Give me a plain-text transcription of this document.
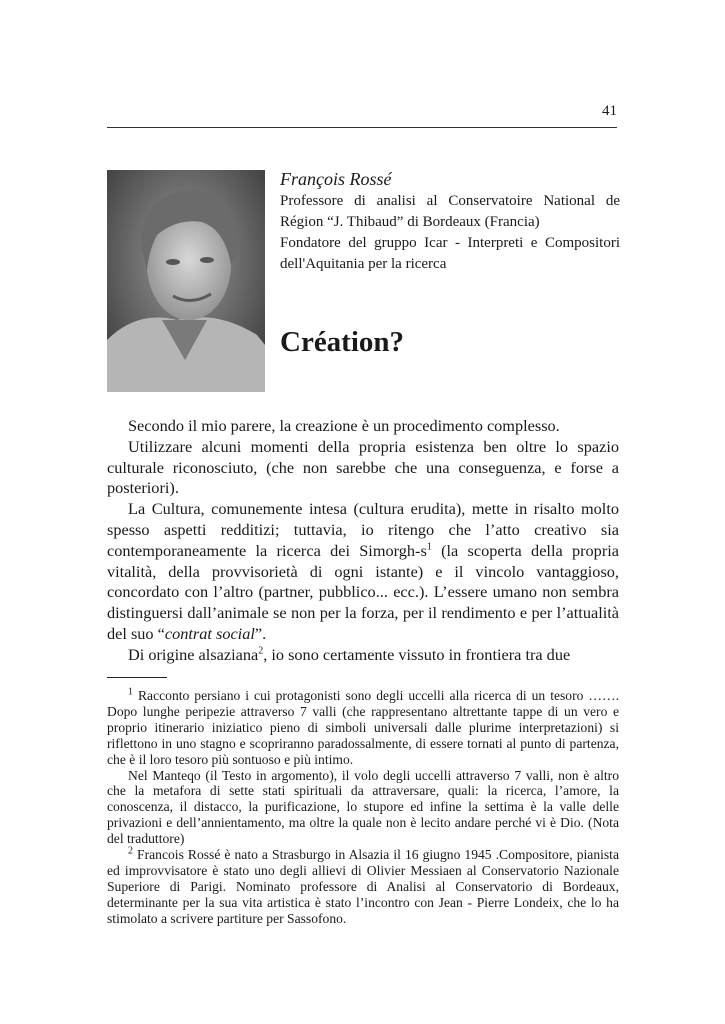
41

François Rossé

Professore di analisi al Conservatoire National de Région “J. Thibaud” di Bordeaux (Francia)

Fondatore del gruppo Icar - Interpreti e Compositori dell'Aquitania per la ricerca

Création?

Secondo il mio parere, la creazione è un procedimento complesso.

Utilizzare alcuni momenti della propria esistenza ben oltre lo spazio culturale riconosciuto, (che non sarebbe che una conseguenza, e forse a posteriori).

La Cultura, comunemente intesa (cultura erudita), mette in risalto molto spesso aspetti redditizi; tuttavia, io ritengo che l’atto creativo sia contemporaneamente la ricerca dei Simorgh-$s^1$ (la scoperta della propria vitalità, della provvisorietà di ogni istante) e il vincolo vantaggioso, concordato con l’altro (partner, pubblico... ecc.). L’essere umano non sembra distinguersi dall’animale se non per la forza, per il rendimento e per l’attualità del suo “contrat social”.

Di origine alsaziana$^2$, io sono certamente vissuto in frontiera tra due

$^1$ Racconto persiano i cui protagonisti sono degli uccelli alla ricerca di un tesoro ……. Dopo lunghe peripezie attraverso 7 valli (che rappresentano altrettante tappe di un vero e proprio itinerario iniziatico pieno di simboli universali dalle plurime interpretazioni) si riflettono in uno stagno e scopriranno paradossalmente, di essere tornati al punto di partenza, che è il loro tesoro più sontuoso e più intimo.

Nel Manteqo (il Testo in argomento), il volo degli uccelli attraverso 7 valli, non è altro che la metafora di sette stati spirituali da attraversare, quali: la ricerca, l’amore, la conoscenza, il distacco, la purificazione, lo stupore ed infine la settima è la valle delle privazioni e dell’annientamento, ma oltre la quale non è lecito andare perché vi è Dio. (Nota del traduttore)

$^2$ Francois Rossé è nato a Strasburgo in Alsazia il 16 giugno 1945 .Compositore, pianista ed improvvisatore è stato uno degli allievi di Olivier Messiaen al Conservatorio Nazionale Superiore di Parigi. Nominato professore di Analisi al Conservatorio di Bordeaux, determinante per la sua vita artistica è stato l’incontro con Jean - Pierre Londeix, che lo ha stimolato a scrivere partiture per Sassofono.
